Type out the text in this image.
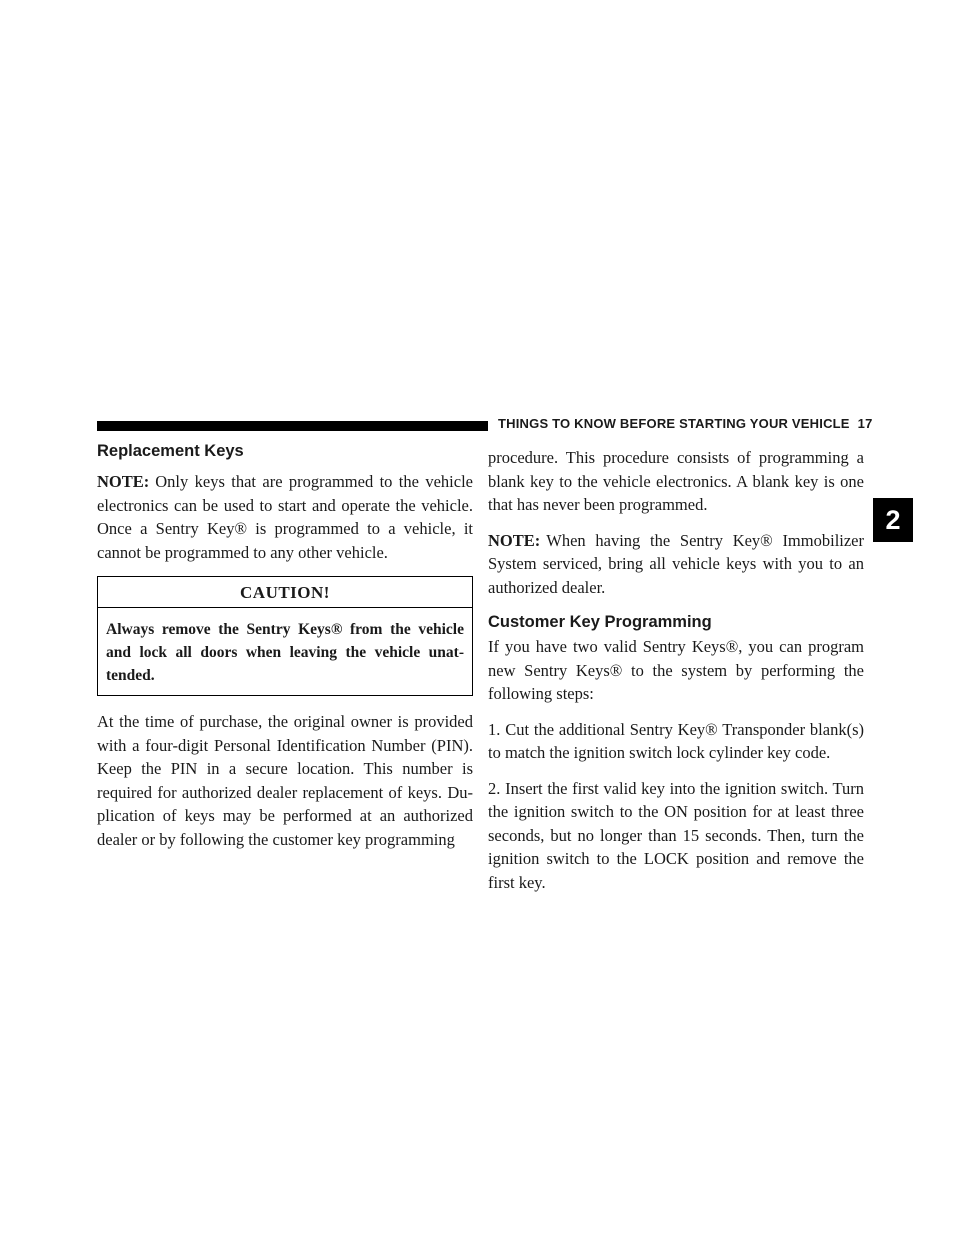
THINGS TO KNOW BEFORE STARTING YOUR VEHICLE 17
2
Replacement Keys

NOTE: Only keys that are programmed to the vehicle electronics can be used to start and operate the vehicle. Once a Sentry Key® is programmed to a vehicle, it cannot be programmed to any other vehicle.

CAUTION!
Always remove the Sentry Keys® from the vehicle and lock all doors when leaving the vehicle unat-tended.

At the time of purchase, the original owner is provided with a four-digit Personal Identification Number (PIN). Keep the PIN in a secure location. This number is required for authorized dealer replacement of keys. Du-plication of keys may be performed at an authorized dealer or by following the customer key programming

procedure. This procedure consists of programming a blank key to the vehicle electronics. A blank key is one that has never been programmed.

NOTE: When having the Sentry Key® Immobilizer System serviced, bring all vehicle keys with you to an authorized dealer.

Customer Key Programming

If you have two valid Sentry Keys®, you can program new Sentry Keys® to the system by performing the following steps:

1. Cut the additional Sentry Key® Transponder blank(s) to match the ignition switch lock cylinder key code.

2. Insert the first valid key into the ignition switch. Turn the ignition switch to the ON position for at least three seconds, but no longer than 15 seconds. Then, turn the ignition switch to the LOCK position and remove the first key.
